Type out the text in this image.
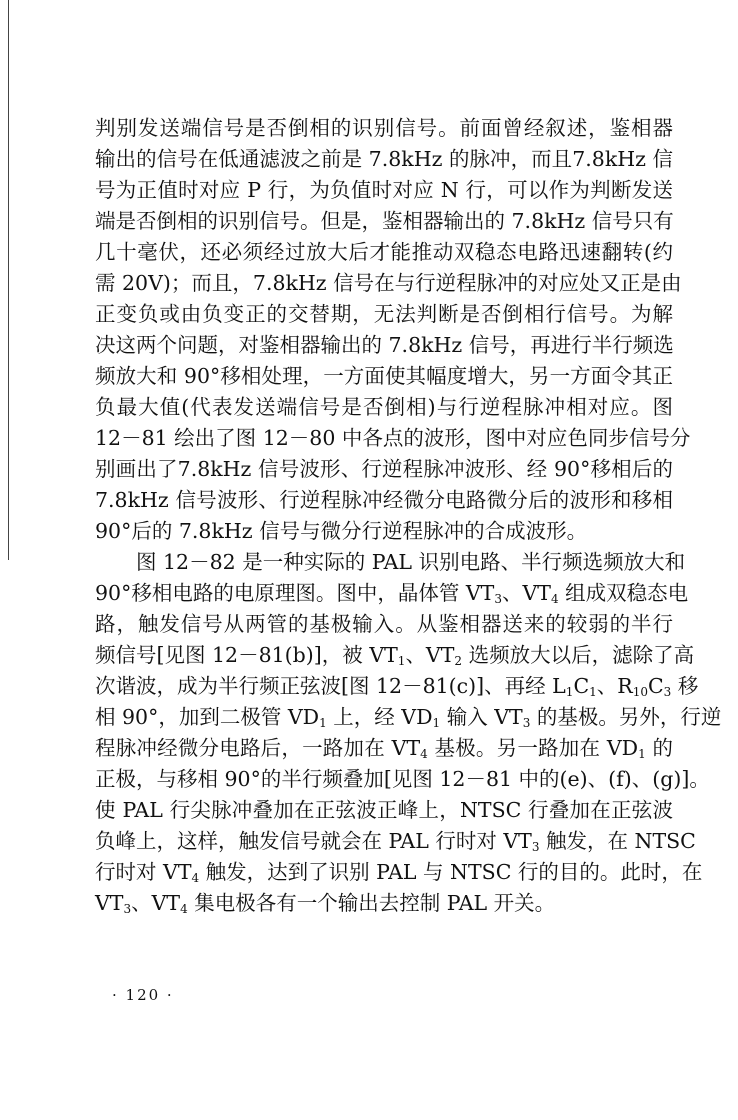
判别发送端信号是否倒相的识别信号。前面曾经叙述，鉴相器
输出的信号在低通滤波之前是 7.8kHz 的脉冲，而且7.8kHz 信
号为正值时对应 P 行，为负值时对应 N 行，可以作为判断发送
端是否倒相的识别信号。但是，鉴相器输出的 7.8kHz 信号只有
几十毫伏，还必须经过放大后才能推动双稳态电路迅速翻转(约
需 20V)；而且，7.8kHz 信号在与行逆程脉冲的对应处又正是由
正变负或由负变正的交替期，无法判断是否倒相行信号。为解
决这两个问题，对鉴相器输出的 7.8kHz 信号，再进行半行频选
频放大和 90°移相处理，一方面使其幅度增大，另一方面令其正
负最大值(代表发送端信号是否倒相)与行逆程脉冲相对应。图
12－81 绘出了图 12－80 中各点的波形，图中对应色同步信号分
别画出了7.8kHz 信号波形、行逆程脉冲波形、经 90°移相后的
7.8kHz 信号波形、行逆程脉冲经微分电路微分后的波形和移相
90°后的 7.8kHz 信号与微分行逆程脉冲的合成波形。
图 12－82 是一种实际的 PAL 识别电路、半行频选频放大和
90°移相电路的电原理图。图中，晶体管 $VT_3$、$VT_4$ 组成双稳态电
路，触发信号从两管的基极输入。从鉴相器送来的较弱的半行
频信号[见图 12－81(b)]，被 $VT_1$、$VT_2$ 选频放大以后，滤除了高
次谐波，成为半行频正弦波[图 12－81(c)]、再经 $L_1C_1$、$R_{10}C_3$ 移
相 90°，加到二极管 $VD_1$ 上，经 $VD_1$ 输入 $VT_3$ 的基极。另外，行逆
程脉冲经微分电路后，一路加在 $VT_4$ 基极。另一路加在 $VD_1$ 的
正极，与移相 90°的半行频叠加[见图 12－81 中的(e)、(f)、(g)]。
使 PAL 行尖脉冲叠加在正弦波正峰上，NTSC 行叠加在正弦波
负峰上，这样，触发信号就会在 PAL 行时对 $VT_3$ 触发，在 NTSC
行时对 $VT_4$ 触发，达到了识别 PAL 与 NTSC 行的目的。此时，在
$VT_3$、$VT_4$ 集电极各有一个输出去控制 PAL 开关。
· 120 ·
